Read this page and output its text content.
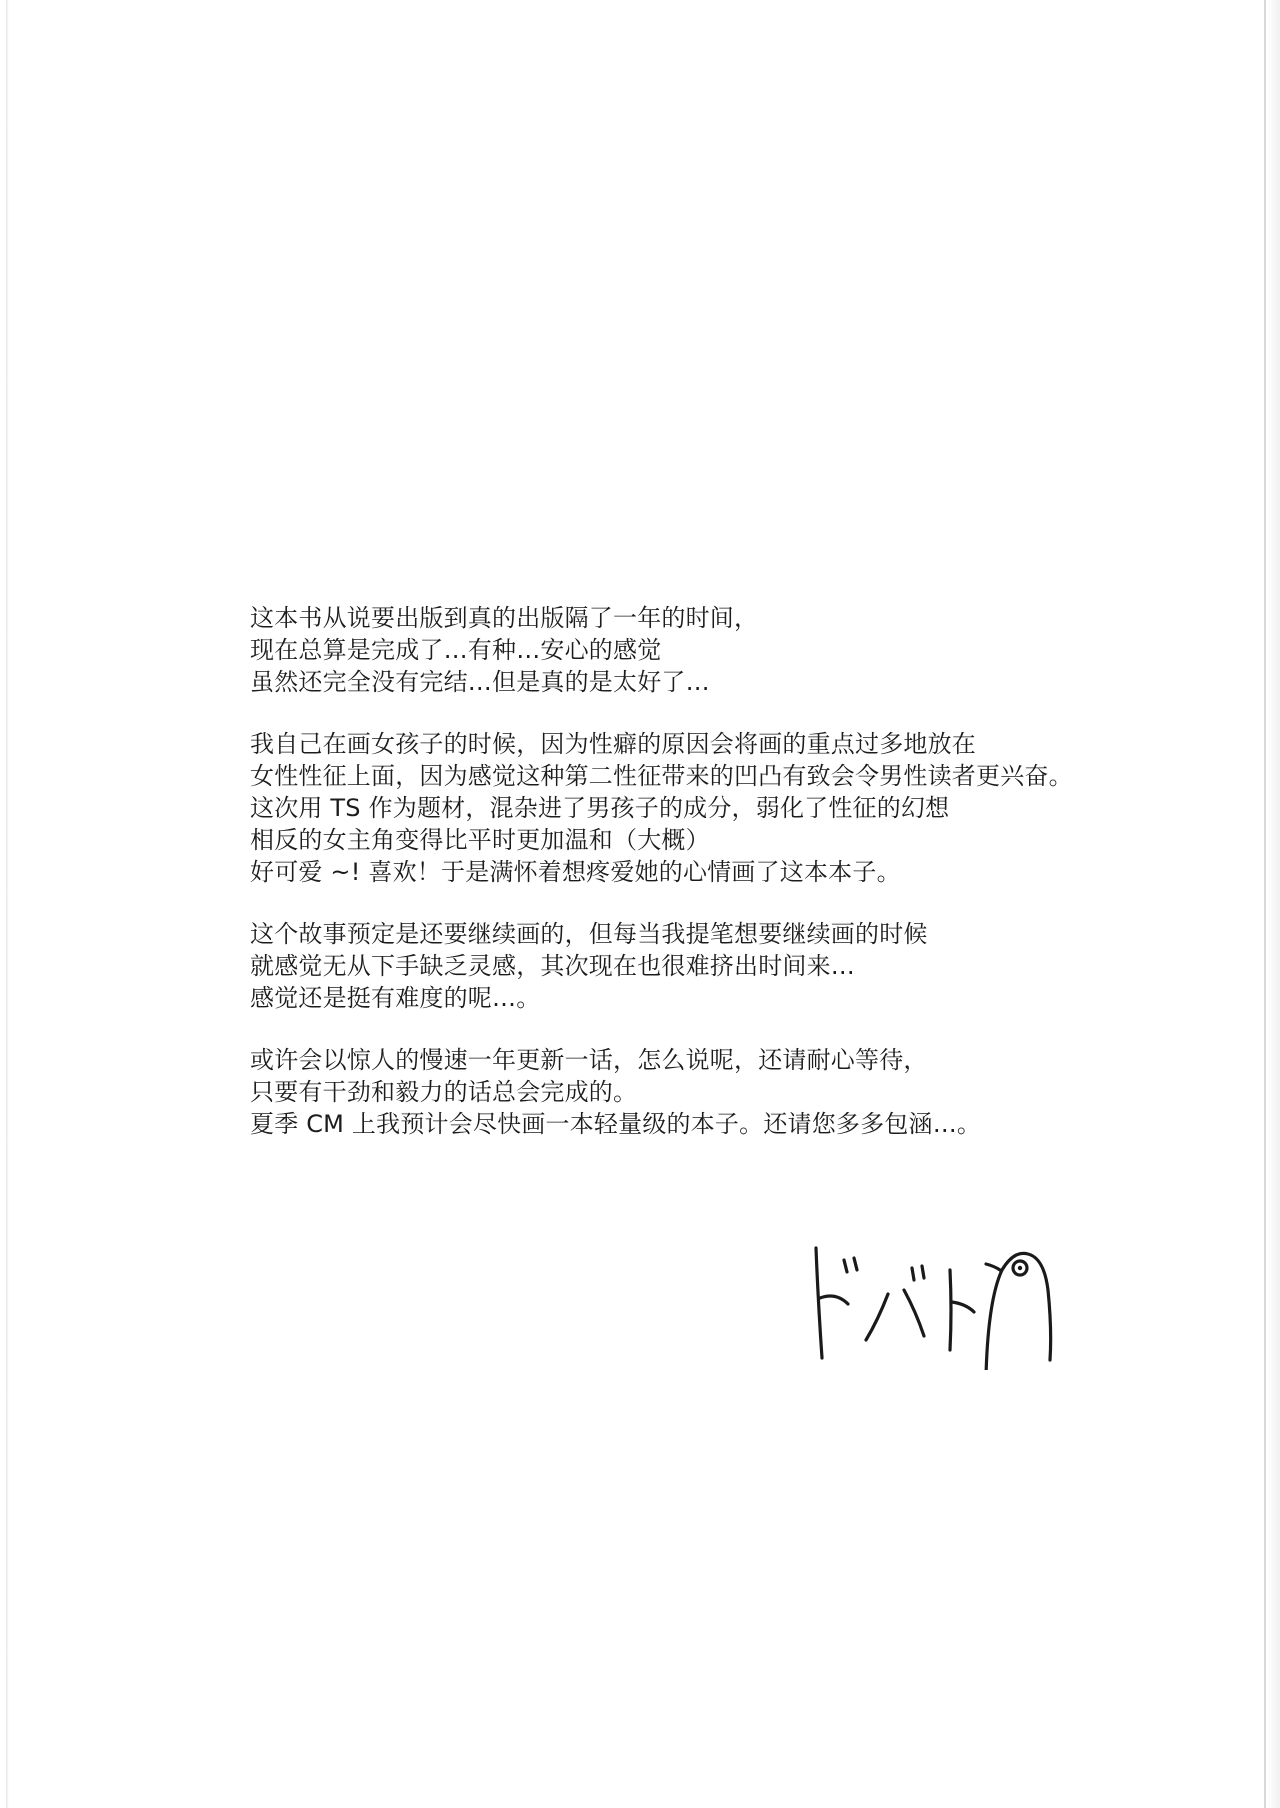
这本书从说要出版到真的出版隔了一年的时间，
现在总算是完成了…有种…安心的感觉
虽然还完全没有完结…但是真的是太好了…
我自己在画女孩子的时候，因为性癖的原因会将画的重点过多地放在
女性性征上面，因为感觉这种第二性征带来的凹凸有致会令男性读者更兴奋。
这次用 TS 作为题材，混杂进了男孩子的成分，弱化了性征的幻想
相反的女主角变得比平时更加温和（大概）
好可爱 ~! 喜欢！于是满怀着想疼爱她的心情画了这本本子。
这个故事预定是还要继续画的，但每当我提笔想要继续画的时候
就感觉无从下手缺乏灵感，其次现在也很难挤出时间来…
感觉还是挺有难度的呢…。
或许会以惊人的慢速一年更新一话，怎么说呢，还请耐心等待，
只要有干劲和毅力的话总会完成的。
夏季 CM 上我预计会尽快画一本轻量级的本子。还请您多多包涵…。
